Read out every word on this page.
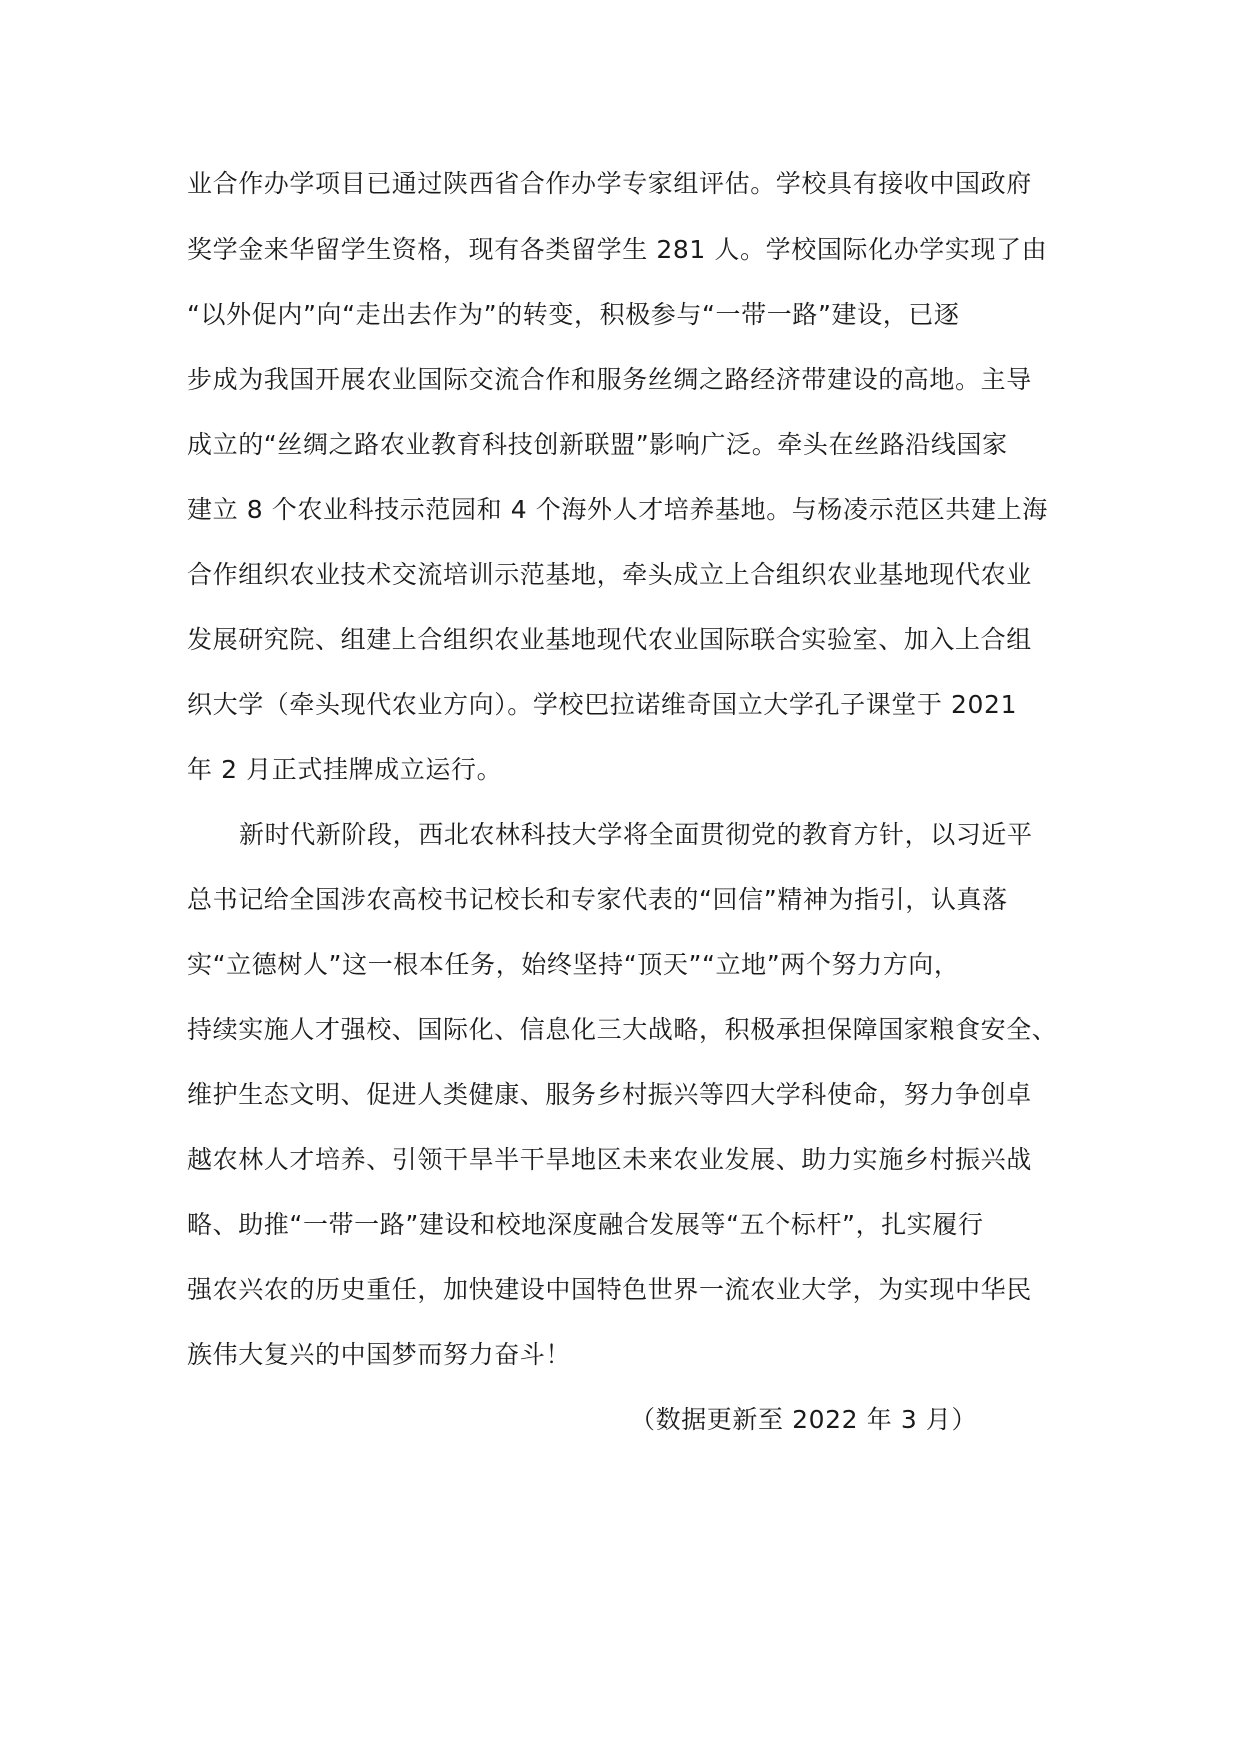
业合作办学项目已通过陕西省合作办学专家组评估。学校具有接收中国政府
奖学金来华留学生资格，现有各类留学生 281 人。学校国际化办学实现了由
“以外促内”向“走出去作为”的转变，积极参与“一带一路”建设，已逐
步成为我国开展农业国际交流合作和服务丝绸之路经济带建设的高地。主导
成立的“丝绸之路农业教育科技创新联盟”影响广泛。牵头在丝路沿线国家
建立 8 个农业科技示范园和 4 个海外人才培养基地。与杨凌示范区共建上海
合作组织农业技术交流培训示范基地，牵头成立上合组织农业基地现代农业
发展研究院、组建上合组织农业基地现代农业国际联合实验室、加入上合组
织大学（牵头现代农业方向）。学校巴拉诺维奇国立大学孔子课堂于 2021
年 2 月正式挂牌成立运行。
新时代新阶段，西北农林科技大学将全面贯彻党的教育方针，以习近平
总书记给全国涉农高校书记校长和专家代表的“回信”精神为指引，认真落
实“立德树人”这一根本任务，始终坚持“顶天”“立地”两个努力方向，
持续实施人才强校、国际化、信息化三大战略，积极承担保障国家粮食安全、
维护生态文明、促进人类健康、服务乡村振兴等四大学科使命，努力争创卓
越农林人才培养、引领干旱半干旱地区未来农业发展、助力实施乡村振兴战
略、助推“一带一路”建设和校地深度融合发展等“五个标杆”，扎实履行
强农兴农的历史重任，加快建设中国特色世界一流农业大学，为实现中华民
族伟大复兴的中国梦而努力奋斗！
（数据更新至 2022 年 3 月）
